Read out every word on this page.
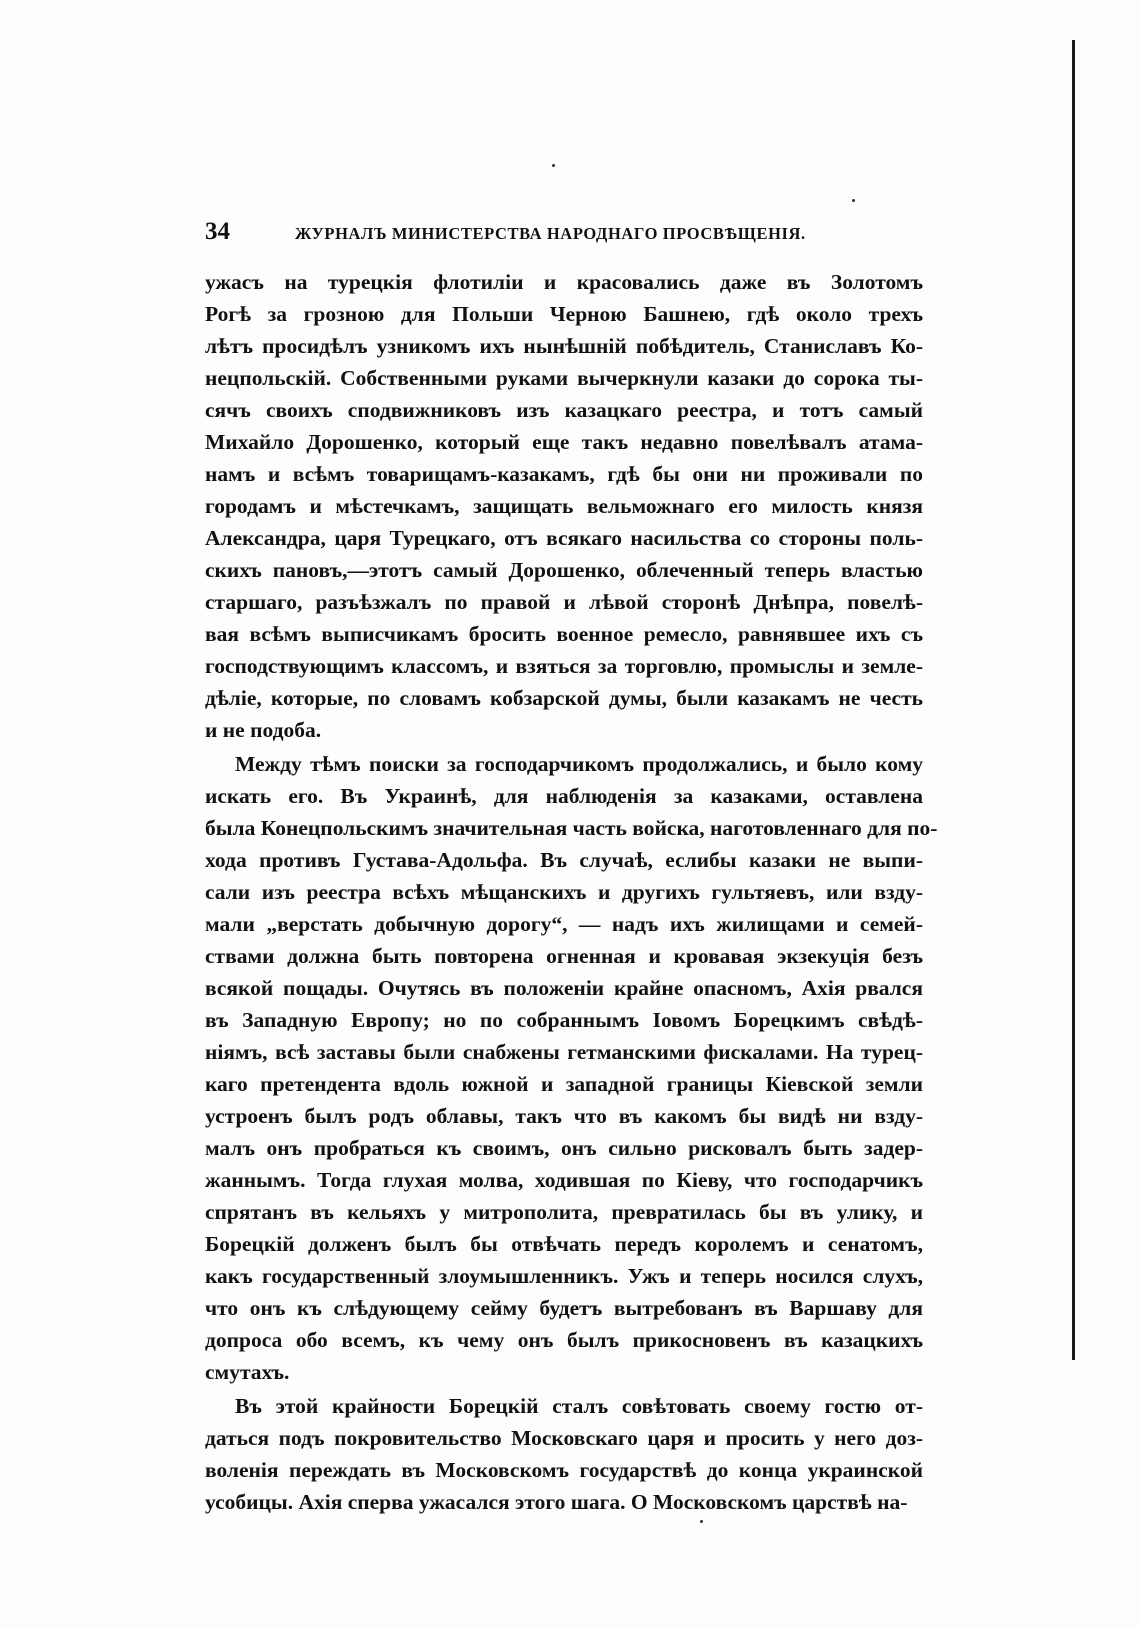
34	ЖУРНАЛЪ МИНИСТЕРСТВА НАРОДНАГО ПРОСВѢЩЕНІЯ.
ужасъ на турецкія флотиліи и красовались даже въ Золотомъ
Рогѣ за грозною для Польши Черною Башнею, гдѣ около трехъ
лѣтъ просидѣлъ узникомъ ихъ нынѣшній побѣдитель, Станиславъ Ко-
нецпольскій. Собственными руками вычеркнули казаки до сорока ты-
сячъ своихъ сподвижниковъ изъ казацкаго реестра, и тотъ самый
Михайло Дорошенко, который еще такъ недавно повелѣвалъ атама-
намъ и всѣмъ товарищамъ-казакамъ, гдѣ бы они ни проживали по
городамъ и мѣстечкамъ, защищать вельможнаго его милость князя
Александра, царя Турецкаго, отъ всякаго насильства со стороны поль-
скихъ пановъ,—этотъ самый Дорошенко, облеченный теперь властью
старшаго, разъѣзжалъ по правой и лѣвой сторонѣ Днѣпра, повелѣ-
вая всѣмъ выписчикамъ бросить военное ремесло, равнявшее ихъ съ
господствующимъ классомъ, и взяться за торговлю, промыслы и земле-
дѣліе, которые, по словамъ кобзарской думы, были казакамъ не честь
и не подоба.
Между тѣмъ поиски за господарчикомъ продолжались, и было кому
искать его. Въ Украинѣ, для наблюденія за казаками, оставлена
была Конецпольскимъ значительная часть войска, наготовленнаго для по-
хода противъ Густава-Адольфа. Въ случаѣ, еслибы казаки не выпи-
сали изъ реестра всѣхъ мѣщанскихъ и другихъ гультяевъ, или взду-
мали „верстать добычную дорогу“, — надъ ихъ жилищами и семей-
ствами должна быть повторена огненная и кровавая экзекуція безъ
всякой пощады. Очутясь въ положеніи крайне опасномъ, Ахія рвался
въ Западную Европу; но по собраннымъ Іовомъ Борецкимъ свѣдѣ-
ніямъ, всѣ заставы были снабжены гетманскими фискалами. На турец-
каго претендента вдоль южной и западной границы Кіевской земли
устроенъ былъ родъ облавы, такъ что въ какомъ бы видѣ ни взду-
малъ онъ пробраться къ своимъ, онъ сильно рисковалъ быть задер-
жаннымъ. Тогда глухая молва, ходившая по Кіеву, что господарчикъ
спрятанъ въ кельяхъ у митрополита, превратилась бы въ улику, и
Борецкій долженъ былъ бы отвѣчать передъ королемъ и сенатомъ,
какъ государственный злоумышленникъ. Ужъ и теперь носился слухъ,
что онъ къ слѣдующему сейму будетъ вытребованъ въ Варшаву для
допроса обо всемъ, къ чему онъ былъ прикосновенъ въ казацкихъ
смутахъ.
Въ этой крайности Борецкій сталъ совѣтовать своему гостю от-
даться подъ покровительство Московскаго царя и просить у него доз-
воленія переждать въ Московскомъ государствѣ до конца украинской
усобицы. Ахія сперва ужасался этого шага. О Московскомъ царствѣ на-
